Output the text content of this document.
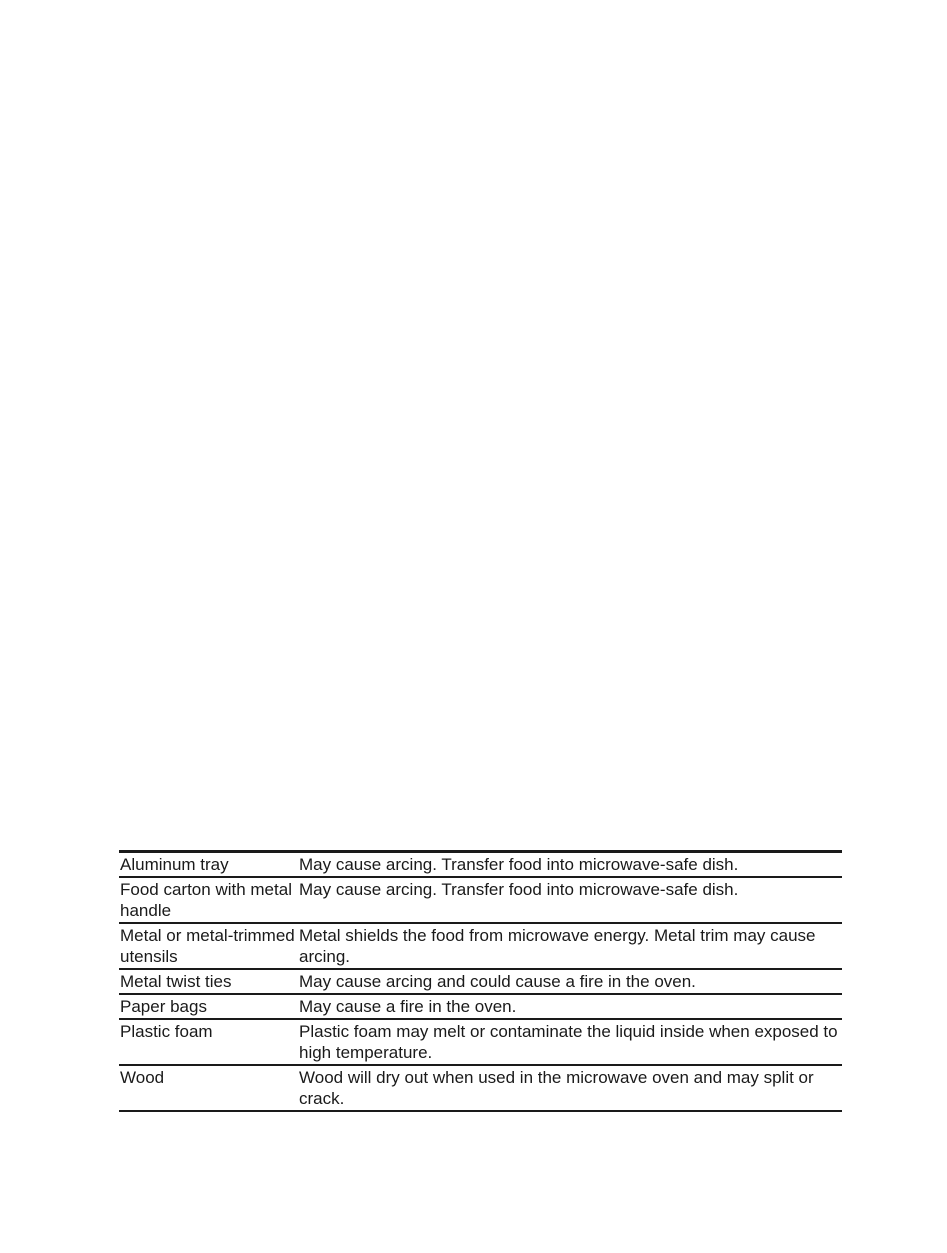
Aluminum tray	May cause arcing. Transfer food into microwave-safe dish.
Food carton with metal handle	May cause arcing. Transfer food into microwave-safe dish.
Metal or metal-trimmed utensils	Metal shields the food from microwave energy. Metal trim may cause arcing.
Metal twist ties	May cause arcing and could cause a fire in the oven.
Paper bags	May cause a fire in the oven.
Plastic foam	Plastic foam may melt or contaminate the liquid inside when exposed to high temperature.
Wood	Wood will dry out when used in the microwave oven and may split or crack.
